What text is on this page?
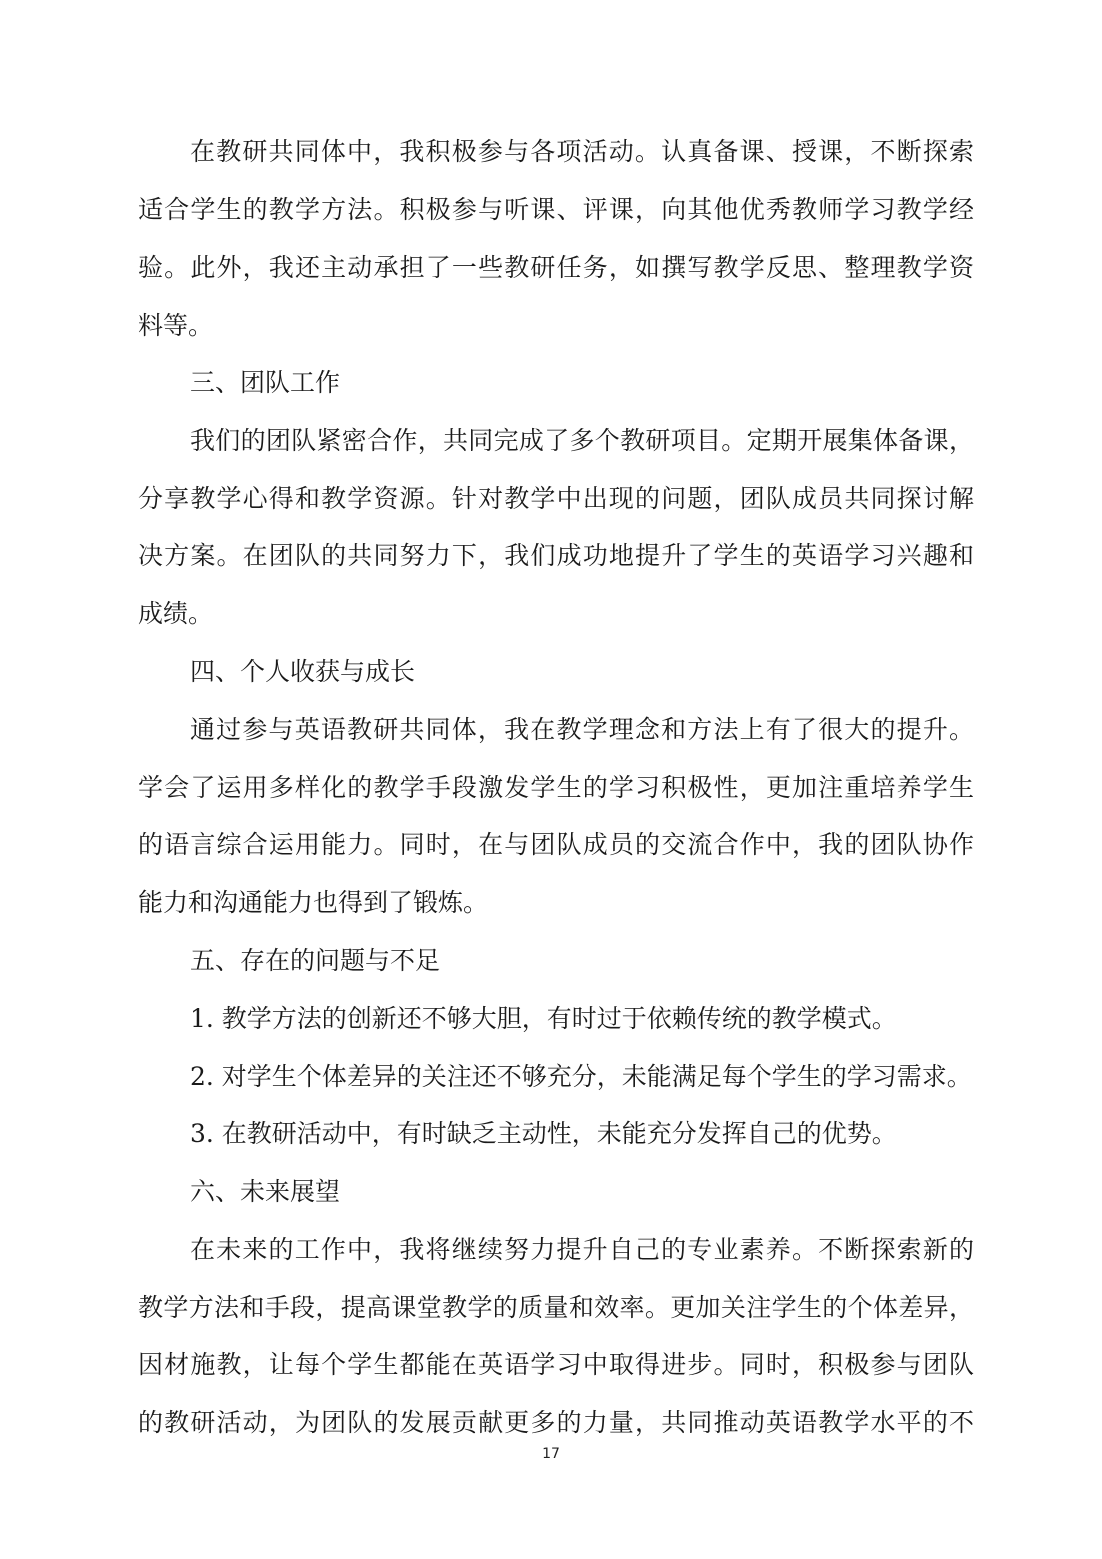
在教研共同体中，我积极参与各项活动。认真备课、授课，不断探索
适合学生的教学方法。积极参与听课、评课，向其他优秀教师学习教学经
验。此外，我还主动承担了一些教研任务，如撰写教学反思、整理教学资
料等。
三、团队工作
我们的团队紧密合作，共同完成了多个教研项目。定期开展集体备课，
分享教学心得和教学资源。针对教学中出现的问题，团队成员共同探讨解
决方案。在团队的共同努力下，我们成功地提升了学生的英语学习兴趣和
成绩。
四、个人收获与成长
通过参与英语教研共同体，我在教学理念和方法上有了很大的提升。
学会了运用多样化的教学手段激发学生的学习积极性，更加注重培养学生
的语言综合运用能力。同时，在与团队成员的交流合作中，我的团队协作
能力和沟通能力也得到了锻炼。
五、存在的问题与不足
1. 教学方法的创新还不够大胆，有时过于依赖传统的教学模式。
2. 对学生个体差异的关注还不够充分，未能满足每个学生的学习需求。
3. 在教研活动中，有时缺乏主动性，未能充分发挥自己的优势。
六、未来展望
在未来的工作中，我将继续努力提升自己的专业素养。不断探索新的
教学方法和手段，提高课堂教学的质量和效率。更加关注学生的个体差异，
因材施教，让每个学生都能在英语学习中取得进步。同时，积极参与团队
的教研活动，为团队的发展贡献更多的力量，共同推动英语教学水平的不
17
